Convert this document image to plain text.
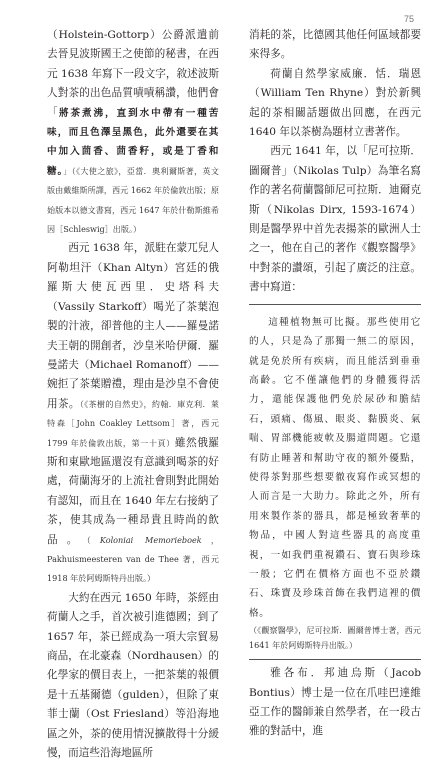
75

（Holstein-Gottorp）公爵派遣前去晉見波斯國王之使節的秘書，在西元 1638 年寫下一段文字，敘述波斯人對茶的出色品質嘖嘖稱讚，他們會「將茶煮沸，直到水中帶有一種苦味，而且色澤呈黑色，此外還要在其中加入茴香、茴香籽，或是丁香和糖。」（《大使之旅》，亞當．奧利爾斯著，英文版由戴維斯所譯，西元 1662 年於倫敦出版；原始版本以德文書寫，西元 1647 年於什勒斯維希因［Schleswig］出版。）

西元 1638 年，派駐在蒙兀兒人阿勒坦汗（Khan Altyn）宮廷的俄羅斯大使瓦西里．史塔科夫（Vassily Starkoff）喝光了茶葉泡製的汁液，卻普他的主人——羅曼諾夫王朝的開創者，沙皇米哈伊爾．羅曼諾夫（Michael Romanoff）——婉拒了茶葉贈禮，理由是沙皇不會使用茶。（《茶樹的自然史》，約翰．庫克利．萊特森［John Coakley Lettsom］著，西元 1799 年於倫敦出版，第一十頁）雖然俄羅斯和東歐地區還沒有意識到喝茶的好處，荷蘭海牙的上流社會則對此開始有認知，而且在 1640 年左右接納了茶，使其成為一種昂貴且時尚的飲品。（Koloniai Memorieboek，Pakhuismeesteren van de Thee 著，西元 1918 年於阿姆斯特丹出版。）

大約在西元 1650 年時，茶經由荷蘭人之手，首次被引進德國；到了 1657 年，茶已經成為一項大宗貿易商品，在北豪森（Nordhausen）的化學家的價目表上，一把茶葉的報價是十五基爾德（gulden），但除了東菲士蘭（Ost Friesland）等沿海地區之外，茶的使用情況擴散得十分緩慢，而這些沿海地區所

消耗的茶，比德國其他任何區域都要來得多。

荷蘭自然學家威廉．恬．瑞恩（William Ten Rhyne）對於新興起的茶相關話題做出回應，在西元 1640 年以茶樹為題材立書著作。

西元 1641 年，以「尼可拉斯．圖爾普」（Nikolas Tulp）為筆名寫作的著名荷蘭醫師尼可拉斯．迪爾克斯（Nikolas Dirx, 1593-1674）則是醫學界中首先表揚茶的歐洲人士之一，他在自己的著作《觀察醫學》中對茶的讚頌，引起了廣泛的注意。書中寫道：

這種植物無可比擬。那些使用它的人，只是為了那獨一無二的原因，就是免於所有疾病，而且能活到垂垂高齡。它不僅讓他們的身體獲得活力，還能保護他們免於尿砂和膽結石，頭痛、傷風、眼炎、黏膜炎、氣喘、胃部機能疲軟及腸道問題。它還有防止睡著和幫助守夜的額外優點，使得茶對那些想要徹夜寫作或冥想的人而言是一大助力。除此之外，所有用來製作茶的器具，都是極致奢華的物品，中國人對這些器具的高度重視，一如我們重視鑽石、寶石與珍珠一般；它們在價格方面也不亞於鑽石、珠寶及珍珠首飾在我們這裡的價格。

（《觀察醫學》，尼可拉斯．圖爾普博士著，西元 1641 年於阿姆斯特丹出版。）

雅各布．邦迪烏斯（Jacob Bontius）博士是一位在爪哇巴達維亞工作的醫師兼自然學者，在一段古雅的對話中，進
